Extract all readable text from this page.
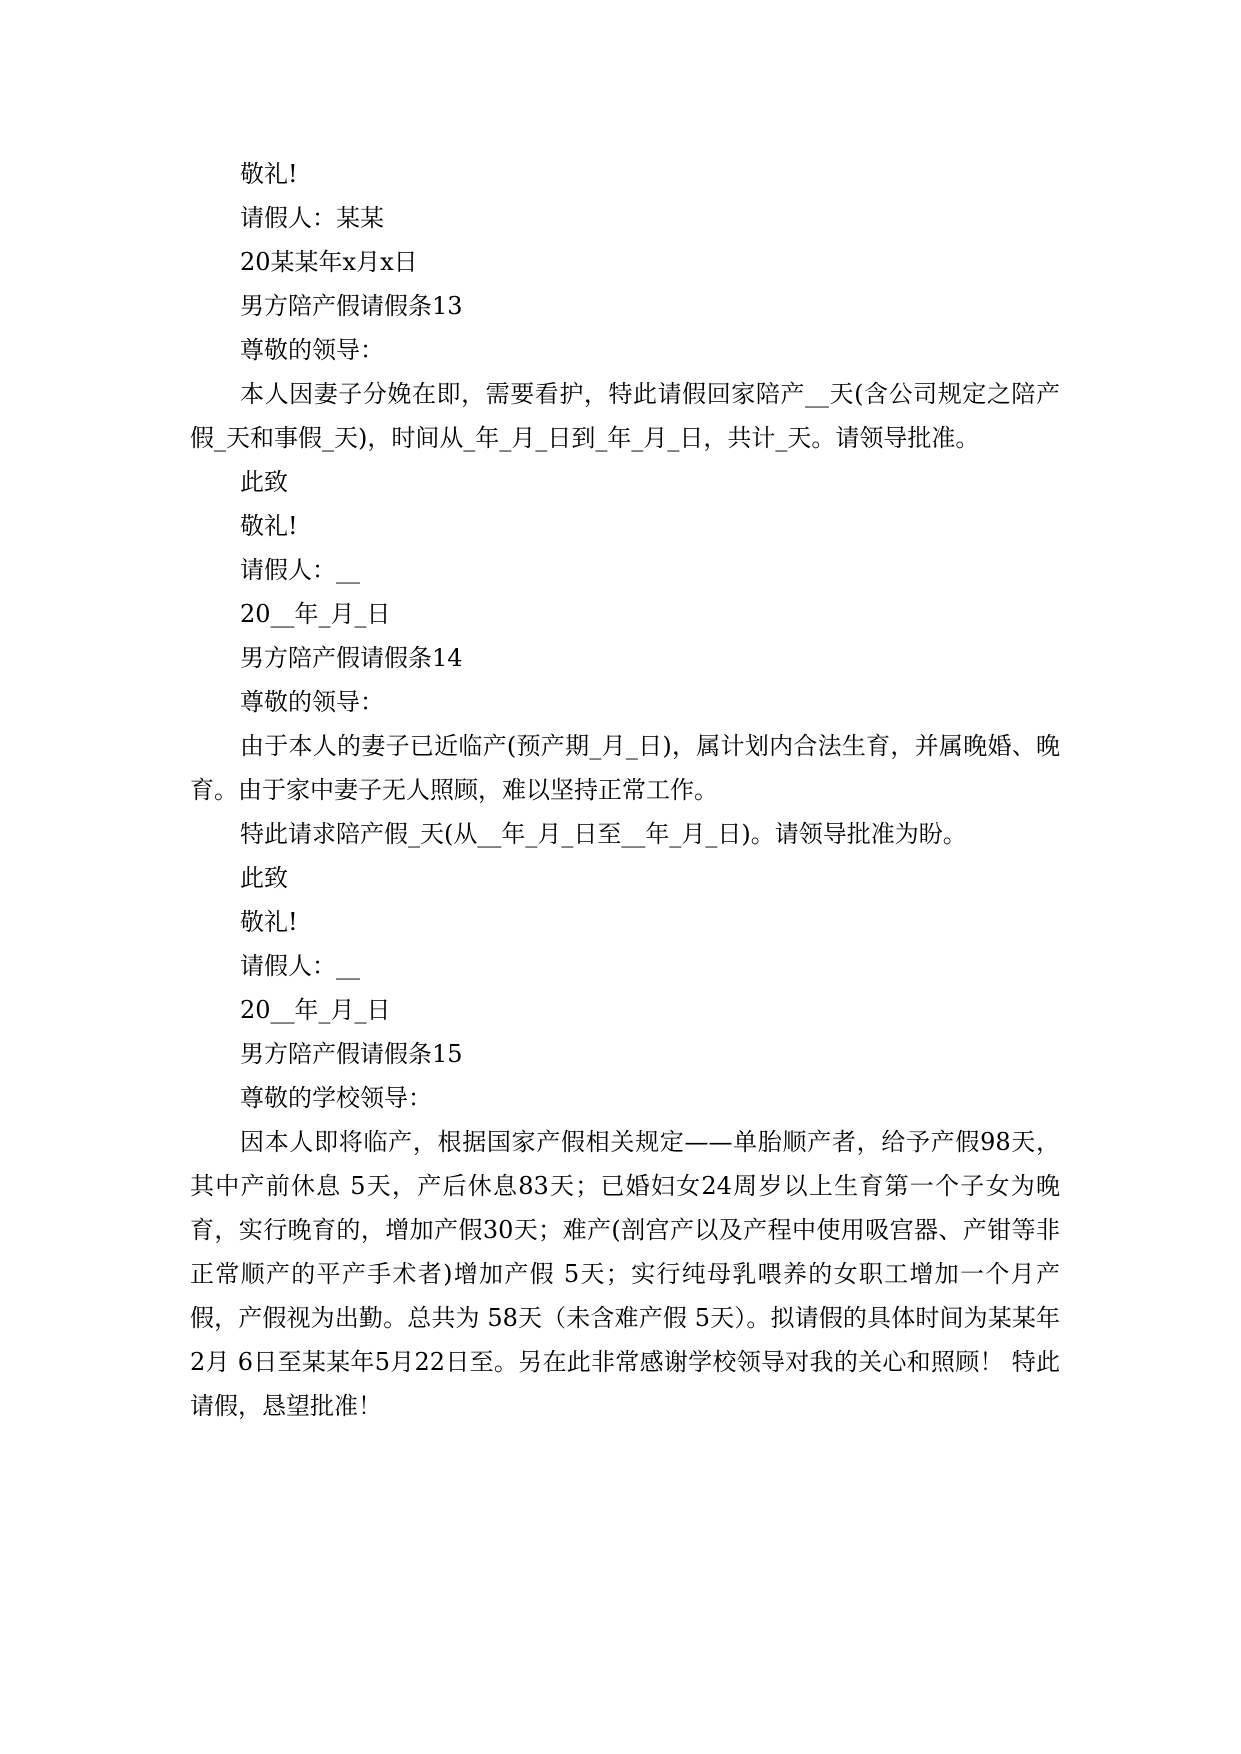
敬礼!

请假人：某某

20某某年x月x日

男方陪产假请假条13

尊敬的领导：

本人因妻子分娩在即，需要看护，特此请假回家陪产__天(含公司规定之陪产假_天和事假_天)，时间从_年_月_日到_年_月_日，共计_天。请领导批准。

此致

敬礼!

请假人：__

20__年_月_日

男方陪产假请假条14

尊敬的领导：

由于本人的妻子已近临产(预产期_月_日)，属计划内合法生育，并属晚婚、晚育。由于家中妻子无人照顾，难以坚持正常工作。

特此请求陪产假_天(从__年_月_日至__年_月_日)。请领导批准为盼。

此致

敬礼!

请假人：__

20__年_月_日

男方陪产假请假条15

尊敬的学校领导：

因本人即将临产，根据国家产假相关规定——单胎顺产者，给予产假98天，其中产前休息 5天，产后休息83天；已婚妇女24周岁以上生育第一个子女为晚育，实行晚育的，增加产假30天；难产(剖宫产以及产程中使用吸宫器、产钳等非正常顺产的平产手术者)增加产假 5天；实行纯母乳喂养的女职工增加一个月产假，产假视为出勤。总共为 58天（未含难产假 5天）。拟请假的具体时间为某某年 2月 6日至某某年5月22日至。另在此非常感谢学校领导对我的关心和照顾！ 特此请假，恳望批准！
